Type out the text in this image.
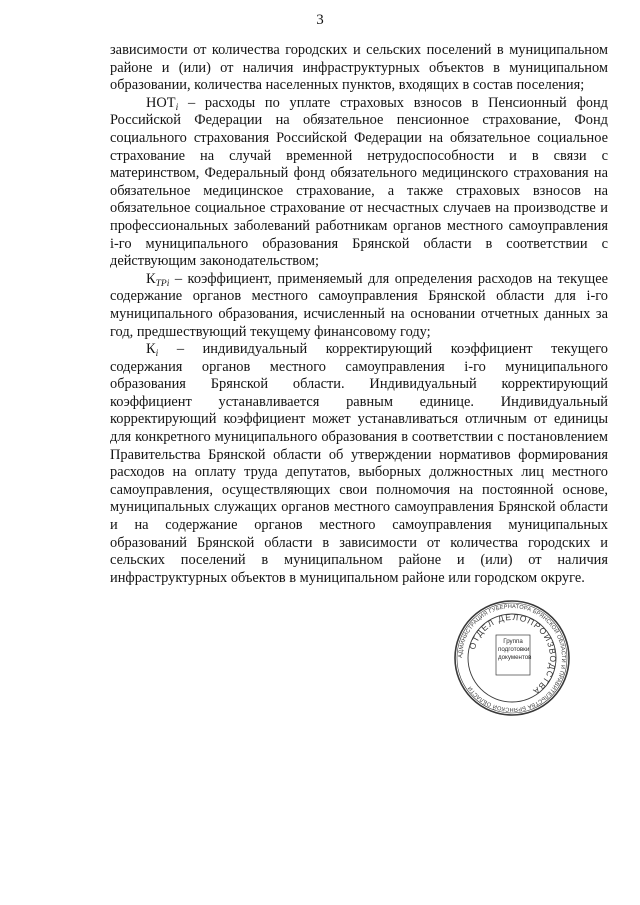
3

зависимости от количества городских и сельских поселений в муниципальном районе и (или) от наличия инфраструктурных объектов в муниципальном образовании, количества населенных пунктов, входящих в состав поселения;

$НОТ_i$ – расходы по уплате страховых взносов в Пенсионный фонд Российской Федерации на обязательное пенсионное страхование, Фонд социального страхования Российской Федерации на обязательное социальное страхование на случай временной нетрудоспособности и в связи с материнством, Федеральный фонд обязательного медицинского страхования на обязательное медицинское страхование, а также страховых взносов на обязательное социальное страхование от несчастных случаев на производстве и профессиональных заболеваний работникам органов местного самоуправления i-го муниципального образования Брянской области в соответствии с действующим законодательством;

$К_{ТРi}$ – коэффициент, применяемый для определения расходов на текущее содержание органов местного самоуправления Брянской области для i-го муниципального образования, исчисленный на основании отчетных данных за год, предшествующий текущему финансовому году;

$К_i$ – индивидуальный корректирующий коэффициент текущего содержания органов местного самоуправления i-го муниципального образования Брянской области. Индивидуальный корректирующий коэффициент устанавливается равным единице. Индивидуальный корректирующий коэффициент может устанавливаться отличным от единицы для конкретного муниципального образования в соответствии с постановлением Правительства Брянской области об утверждении нормативов формирования расходов на оплату труда депутатов, выборных должностных лиц местного самоуправления, осуществляющих свои полномочия на постоянной основе, муниципальных служащих органов местного самоуправления Брянской области и на содержание органов местного самоуправления муниципальных образований Брянской области в зависимости от количества городских и сельских поселений в муниципальном районе и (или) от наличия инфраструктурных объектов в муниципальном районе или городском округе.

АДМИНИСТРАЦИЯ ГУБЕРНАТОРА БРЯНСКОЙ ОБЛАСТИ И ПРАВИТЕЛЬСТВА БРЯНСКОЙ ОБЛАСТИ
ОТДЕЛ ДЕЛОПРОИЗВОДСТВА
Группа подготовки документов
